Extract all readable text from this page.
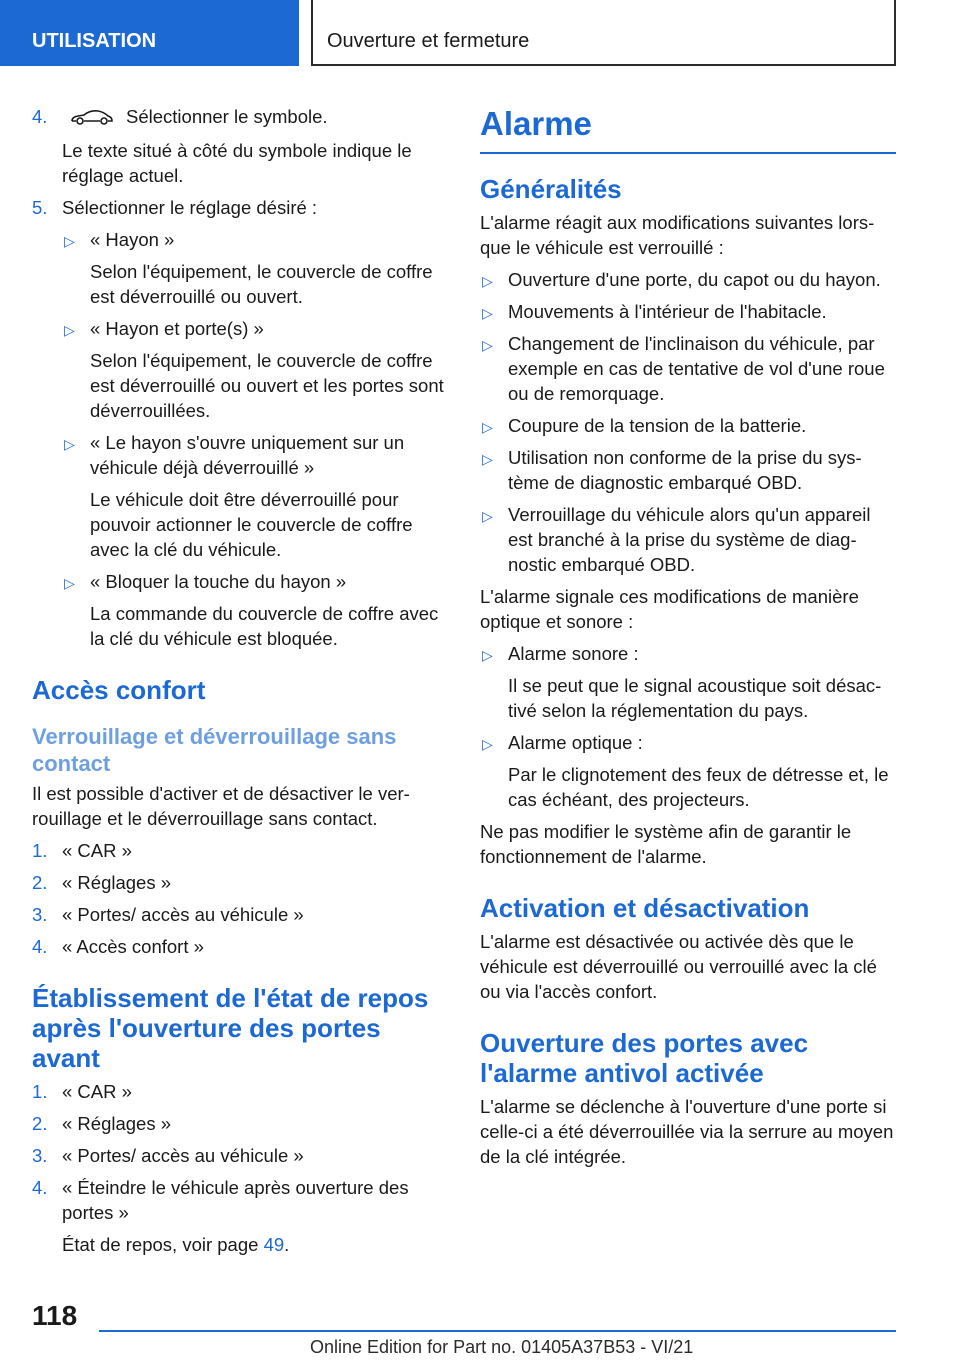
UTILISATION	Ouverture et fermeture
4.	Sélectionner le symbole.

Le texte situé à côté du symbole indique le réglage actuel.

5. Sélectionner le réglage désiré :
▷ « Hayon »

Selon l'équipement, le couvercle de coffre est déverrouillé ou ouvert.

▷ « Hayon et porte(s) »

Selon l'équipement, le couvercle de coffre est déverrouillé ou ouvert et les portes sont déverrouillées.

▷ « Le hayon s'ouvre uniquement sur un véhicule déjà déverrouillé »

Le véhicule doit être déverrouillé pour pouvoir actionner le couvercle de coffre avec la clé du véhicule.

▷ « Bloquer la touche du hayon »

La commande du couvercle de coffre avec la clé du véhicule est bloquée.

Accès confort
Verrouillage et déverrouillage sans contact

Il est possible d'activer et de désactiver le ver-rouillage et le déverrouillage sans contact.

1. « CAR »
2. « Réglages »
3. « Portes/ accès au véhicule »
4. « Accès confort »
Établissement de l'état de repos après l'ouverture des portes avant
1. « CAR »
2. « Réglages »
3. « Portes/ accès au véhicule »
4. « Éteindre le véhicule après ouverture des portes »

État de repos, voir page 49.

Alarme
Généralités

L'alarme réagit aux modifications suivantes lors-que le véhicule est verrouillé :

▷ Ouverture d'une porte, du capot ou du hayon.
▷ Mouvements à l'intérieur de l'habitacle.
▷ Changement de l'inclinaison du véhicule, par exemple en cas de tentative de vol d'une roue ou de remorquage.
▷ Coupure de la tension de la batterie.
▷ Utilisation non conforme de la prise du sys-tème de diagnostic embarqué OBD.
▷ Verrouillage du véhicule alors qu'un appareil est branché à la prise du système de diag-nostic embarqué OBD.

L'alarme signale ces modifications de manière optique et sonore :

▷ Alarme sonore :

Il se peut que le signal acoustique soit désac-tivé selon la réglementation du pays.

▷ Alarme optique :

Par le clignotement des feux de détresse et, le cas échéant, des projecteurs.

Ne pas modifier le système afin de garantir le fonctionnement de l'alarme.

Activation et désactivation

L'alarme est désactivée ou activée dès que le véhicule est déverrouillé ou verrouillé avec la clé ou via l'accès confort.

Ouverture des portes avec l'alarme antivol activée

L'alarme se déclenche à l'ouverture d'une porte si celle-ci a été déverrouillée via la serrure au moyen de la clé intégrée.

118
Online Edition for Part no. 01405A37B53 - VI/21
